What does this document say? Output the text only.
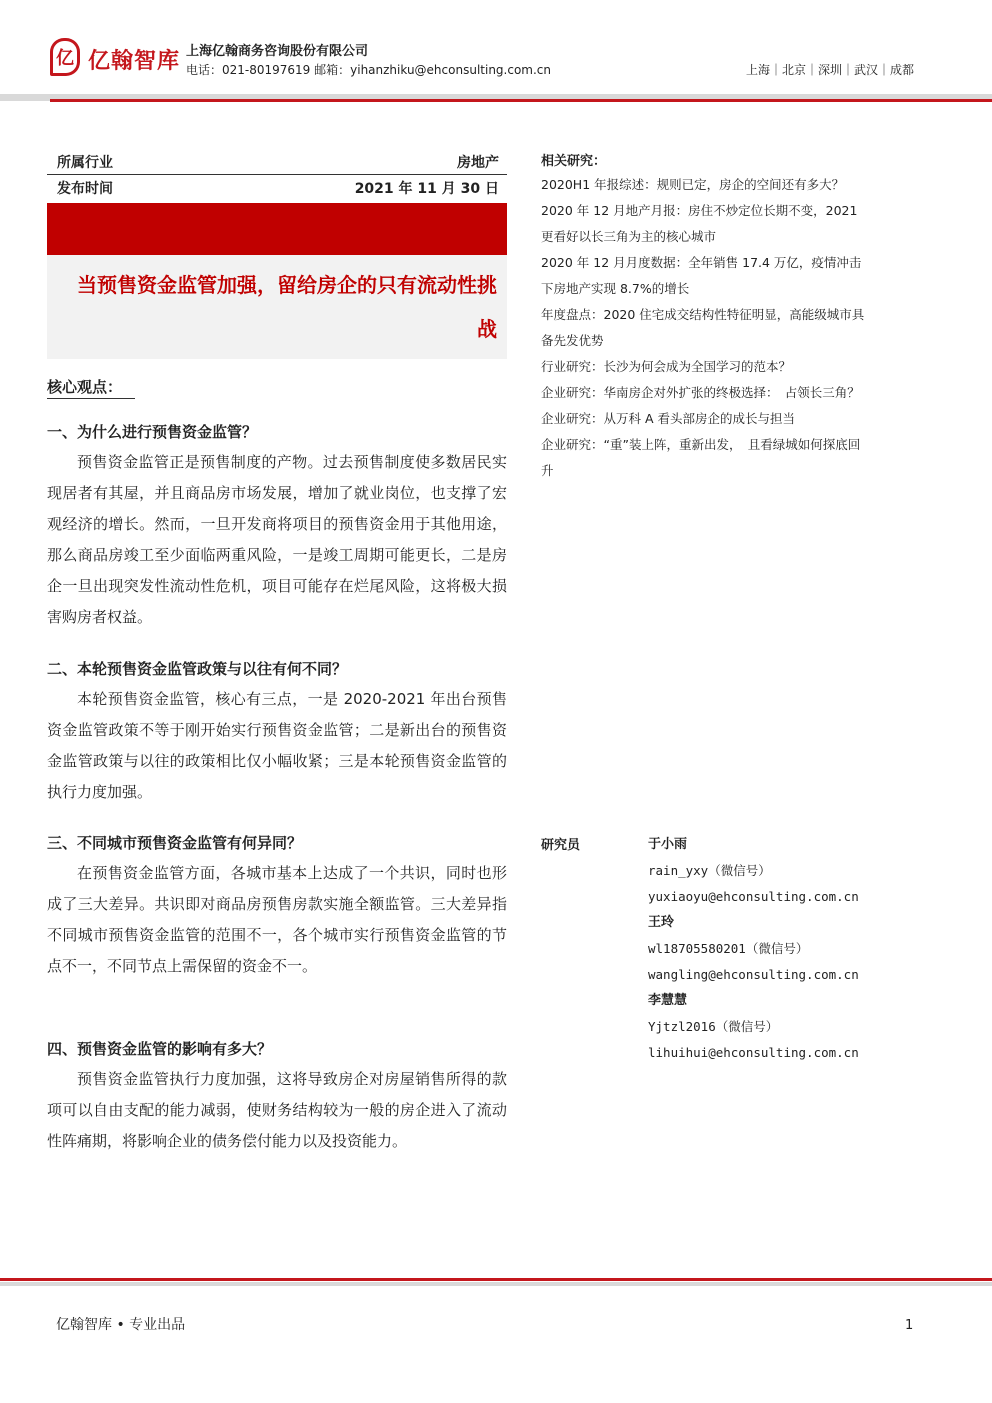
亿 亿翰智库 上海亿翰商务咨询股份有限公司
电话：021-80197619 邮箱：yihanzhiku@ehconsulting.com.cn	上海｜北京｜深圳｜武汉｜成都
所属行业	房地产
发布时间	2021 年 11 月 30 日
当预售资金监管加强，留给房企的只有流动性挑战
核心观点：
一、为什么进行预售资金监管？
预售资金监管正是预售制度的产物。过去预售制度使多数居民实现居者有其屋，并且商品房市场发展，增加了就业岗位，也支撑了宏观经济的增长。然而，一旦开发商将项目的预售资金用于其他用途，那么商品房竣工至少面临两重风险，一是竣工周期可能更长，二是房企一旦出现突发性流动性危机，项目可能存在烂尾风险，这将极大损害购房者权益。
二、本轮预售资金监管政策与以往有何不同？
本轮预售资金监管，核心有三点，一是 2020-2021 年出台预售资金监管政策不等于刚开始实行预售资金监管；二是新出台的预售资金监管政策与以往的政策相比仅小幅收紧；三是本轮预售资金监管的执行力度加强。
三、不同城市预售资金监管有何异同？
在预售资金监管方面，各城市基本上达成了一个共识，同时也形成了三大差异。共识即对商品房预售房款实施全额监管。三大差异指不同城市预售资金监管的范围不一，各个城市实行预售资金监管的节点不一，不同节点上需保留的资金不一。
四、预售资金监管的影响有多大？
预售资金监管执行力度加强，这将导致房企对房屋销售所得的款项可以自由支配的能力减弱，使财务结构较为一般的房企进入了流动性阵痛期，将影响企业的债务偿付能力以及投资能力。
相关研究：
2020H1 年报综述：规则已定，房企的空间还有多大？
2020 年 12 月地产月报：房住不炒定位长期不变，2021 更看好以长三角为主的核心城市
2020 年 12 月月度数据：全年销售 17.4 万亿，疫情冲击下房地产实现 8.7%的增长
年度盘点：2020 住宅成交结构性特征明显，高能级城市具备先发优势
行业研究：长沙为何会成为全国学习的范本？
企业研究：华南房企对外扩张的终极选择：　占领长三角？
企业研究：从万科 A 看头部房企的成长与担当
企业研究：“重”装上阵，重新出发，　且看绿城如何探底回升
研究员	于小雨
rain_yxy（微信号）
yuxiaoyu@ehconsulting.com.cn
王玲
wl18705580201（微信号）
wangling@ehconsulting.com.cn
李慧慧
Yjtzl2016（微信号）
lihuihui@ehconsulting.com.cn
亿翰智库 • 专业出品	1
